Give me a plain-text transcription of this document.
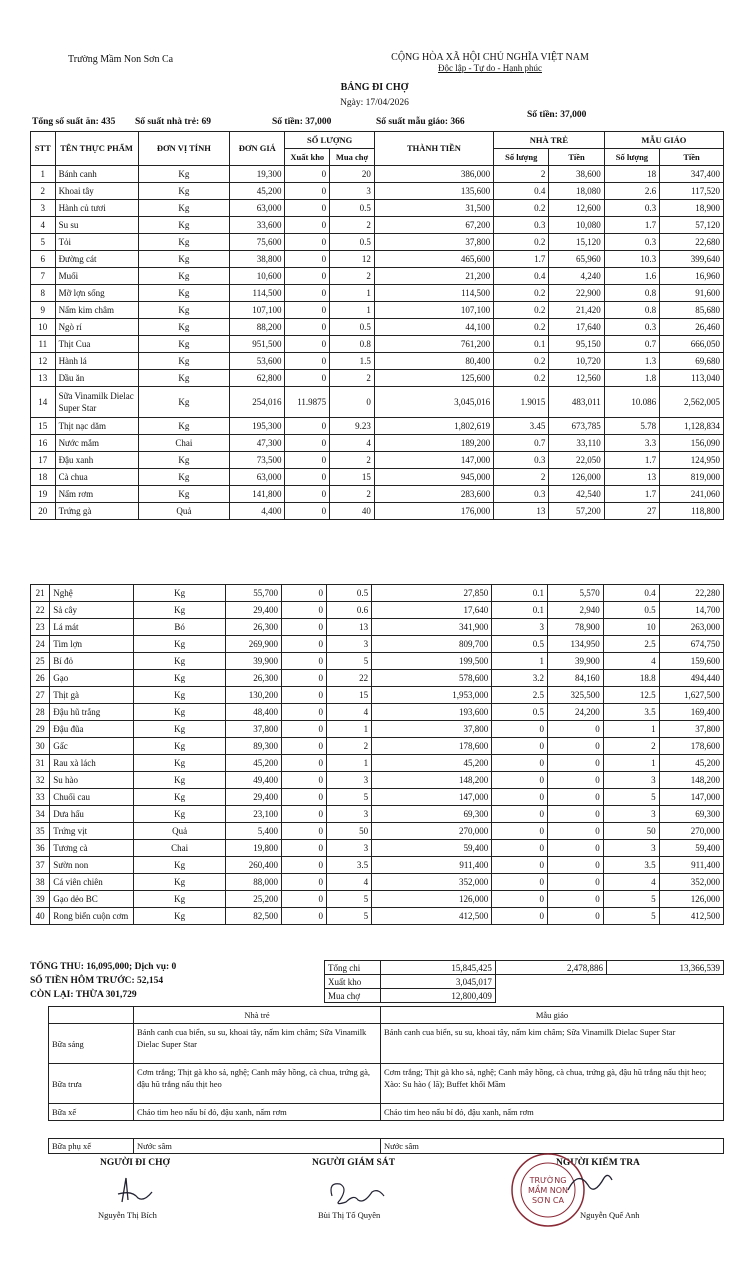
Trường Mầm Non Sơn Ca	CỘNG HÒA XÃ HỘI CHỦ NGHĨA VIỆT NAM
Độc lập - Tự do - Hạnh phúc
BẢNG ĐI CHỢ
Ngày: 17/04/2026
Tổng số suất ăn: 435 Số suất nhà trẻ: 69	Số tiền: 37,000	Số suất mẫu giáo: 366
Số tiền: 37,000
STT	TÊN THỰC PHẨM	ĐƠN VỊ TÍNH	ĐƠN GIÁ	SỐ LƯỢNG		THÀNH TIỀN	NHÀ TRẺ		MẪU GIÁO	
				Xuất kho	Mua chợ		Số lượng	Tiền	Số lượng	Tiền
1	Bánh canh	Kg	19,300	0	20	386,000	2	38,600	18	347,400
2	Khoai tây	Kg	45,200	0	3	135,600	0.4	18,080	2.6	117,520
3	Hành củ tươi	Kg	63,000	0	0.5	31,500	0.2	12,600	0.3	18,900
4	Su su	Kg	33,600	0	2	67,200	0.3	10,080	1.7	57,120
5	Tỏi	Kg	75,600	0	0.5	37,800	0.2	15,120	0.3	22,680
6	Đường cát	Kg	38,800	0	12	465,600	1.7	65,960	10.3	399,640
7	Muối	Kg	10,600	0	2	21,200	0.4	4,240	1.6	16,960
8	Mỡ lợn sống	Kg	114,500	0	1	114,500	0.2	22,900	0.8	91,600
9	Nấm kim châm	Kg	107,100	0	1	107,100	0.2	21,420	0.8	85,680
10	Ngò rí	Kg	88,200	0	0.5	44,100	0.2	17,640	0.3	26,460
11	Thịt Cua	Kg	951,500	0	0.8	761,200	0.1	95,150	0.7	666,050
12	Hành lá	Kg	53,600	0	1.5	80,400	0.2	10,720	1.3	69,680
13	Dầu ăn	Kg	62,800	0	2	125,600	0.2	12,560	1.8	113,040
14	Sữa Vinamilk Dielac Super Star	Kg	254,016	11.9875	0	3,045,016	1.9015	483,011	10.086	2,562,005
15	Thịt nạc dăm	Kg	195,300	0	9.23	1,802,619	3.45	673,785	5.78	1,128,834
16	Nước mắm	Chai	47,300	0	4	189,200	0.7	33,110	3.3	156,090
17	Đậu xanh	Kg	73,500	0	2	147,000	0.3	22,050	1.7	124,950
18	Cà chua	Kg	63,000	0	15	945,000	2	126,000	13	819,000
19	Nấm rơm	Kg	141,800	0	2	283,600	0.3	42,540	1.7	241,060
20	Trứng gà	Quả	4,400	0	40	176,000	13	57,200	27	118,800
21	Nghệ	Kg	55,700	0	0.5	27,850	0.1	5,570	0.4	22,280
22	Sả cây	Kg	29,400	0	0.6	17,640	0.1	2,940	0.5	14,700
23	Lá mát	Bó	26,300	0	13	341,900	3	78,900	10	263,000
24	Tim lợn	Kg	269,900	0	3	809,700	0.5	134,950	2.5	674,750
25	Bí đỏ	Kg	39,900	0	5	199,500	1	39,900	4	159,600
26	Gạo	Kg	26,300	0	22	578,600	3.2	84,160	18.8	494,440
27	Thịt gà	Kg	130,200	0	15	1,953,000	2.5	325,500	12.5	1,627,500
28	Đậu hũ trắng	Kg	48,400	0	4	193,600	0.5	24,200	3.5	169,400
29	Đậu đũa	Kg	37,800	0	1	37,800	0	0	1	37,800
30	Gấc	Kg	89,300	0	2	178,600	0	0	2	178,600
31	Rau xà lách	Kg	45,200	0	1	45,200	0	0	1	45,200
32	Su hào	Kg	49,400	0	3	148,200	0	0	3	148,200
33	Chuối cau	Kg	29,400	0	5	147,000	0	0	5	147,000
34	Dưa hấu	Kg	23,100	0	3	69,300	0	0	3	69,300
35	Trứng vịt	Quả	5,400	0	50	270,000	0	0	50	270,000
36	Tương cà	Chai	19,800	0	3	59,400	0	0	3	59,400
37	Sườn non	Kg	260,400	0	3.5	911,400	0	0	3.5	911,400
38	Cá viên chiên	Kg	88,000	0	4	352,000	0	0	4	352,000
39	Gạo dẻo BC	Kg	25,200	0	5	126,000	0	0	5	126,000
40	Rong biển cuộn cơm	Kg	82,500	0	5	412,500	0	0	5	412,500
TỔNG THU: 16,095,000; Dịch vụ: 0
SỐ TIỀN HÔM TRƯỚC: 52,154
CÒN LẠI: THỪA 301,729
Tổng chi	15,845,425	2,478,886	13,366,539
Xuất kho	3,045,017		
Mua chợ	12,800,409		
	Nhà trẻ	Mẫu giáo
Bữa sáng	Bánh canh cua biển, su su, khoai tây, nấm kim châm; Sữa Vinamilk Dielac Super Star	Bánh canh cua biển, su su, khoai tây, nấm kim châm; Sữa Vinamilk Dielac Super Star
Bữa trưa	Cơm trắng; Thịt gà kho sả, nghệ; Canh mây hồng, cà chua, trứng gà, đậu hũ trắng nấu thịt heo	Cơm trắng; Thịt gà kho sả, nghệ; Canh mây hồng, cà chua, trứng gà, đậu hũ trắng nấu thịt heo; Xào: Su hào ( lã); Buffet khối Mầm
Bữa xế	Cháo tim heo nấu bí đỏ, đậu xanh, nấm rơm	Cháo tim heo nấu bí đỏ, đậu xanh, nấm rơm
Bữa phụ xế	Nước sâm	Nước sâm
NGƯỜI ĐI CHỢ	NGƯỜI GIÁM SÁT	NGƯỜI KIỂM TRA
TRƯỜNG
MẦM NON
SƠN CA
Nguyễn Thị Bích	Bùi Thị Tố Quyên	Nguyễn Quế Anh
